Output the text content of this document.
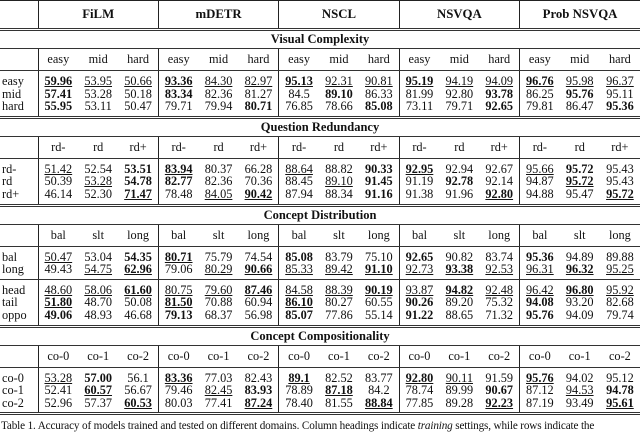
	FiLM			mDETR			NSCL			NSVQA			Prob NSVQA		

Visual Complexity															
	easy	mid	hard	easy	mid	hard	easy	mid	hard	easy	mid	hard	easy	mid	hard
easy	59.96	53.95	50.66	93.36	84.30	82.97	95.13	92.31	90.81	95.19	94.19	94.09	96.76	95.98	96.37
mid	57.41	53.28	50.18	83.34	82.36	81.27	84.5	89.10	86.33	81.99	92.80	93.78	86.25	95.76	95.11
hard	55.95	53.11	50.47	79.71	79.94	80.71	76.85	78.66	85.08	73.11	79.71	92.65	79.81	86.47	95.36

Question Redundancy															
	rd-	rd	rd+	rd-	rd	rd+	rd-	rd	rd+	rd-	rd	rd+	rd-	rd	rd+
rd-	51.42	52.54	53.51	83.94	80.37	66.28	88.64	88.82	90.33	92.95	92.94	92.67	95.66	95.72	95.43
rd	50.39	53.28	54.78	82.77	82.36	70.36	88.45	89.10	91.45	91.19	92.78	92.14	94.87	95.72	95.43
rd+	46.14	52.30	71.47	78.48	84.05	90.42	87.94	88.34	91.16	91.38	91.96	92.80	94.88	95.47	95.72

Concept Distribution															
	bal	slt	long	bal	slt	long	bal	slt	long	bal	slt	long	bal	slt	long
bal	50.47	53.04	54.35	80.71	75.79	74.54	85.08	83.79	75.10	92.65	90.82	83.74	95.36	94.89	89.88
long	49.43	54.75	62.96	79.06	80.29	90.66	85.33	89.42	91.10	92.73	93.38	92.53	96.31	96.32	95.25
head	48.60	58.06	61.60	80.75	79.60	87.46	84.58	88.39	90.19	93.87	94.82	92.48	96.42	96.80	95.92
tail	51.80	48.70	50.08	81.50	70.88	60.94	86.10	80.27	60.55	90.26	89.20	75.32	94.08	93.20	82.68
oppo	49.06	48.93	46.68	79.13	68.37	56.98	85.07	77.86	55.14	91.22	88.65	71.32	95.76	94.09	79.74

Concept Compositionality															
	co-0	co-1	co-2	co-0	co-1	co-2	co-0	co-1	co-2	co-0	co-1	co-2	co-0	co-1	co-2
co-0	53.28	57.00	56.1	83.36	77.03	82.43	89.1	82.52	83.77	92.80	90.11	91.59	95.76	94.02	95.12
co-1	52.41	60.57	56.67	79.46	82.45	83.93	78.89	87.18	84.2	78.74	89.99	90.67	87.12	94.53	94.78
co-2	52.96	57.37	60.53	80.03	77.41	87.24	78.40	81.55	88.84	77.85	89.28	92.23	87.19	93.49	95.61

Table 1. Accuracy of models trained and tested on different domains. Column headings indicate training settings, while rows indicate the
